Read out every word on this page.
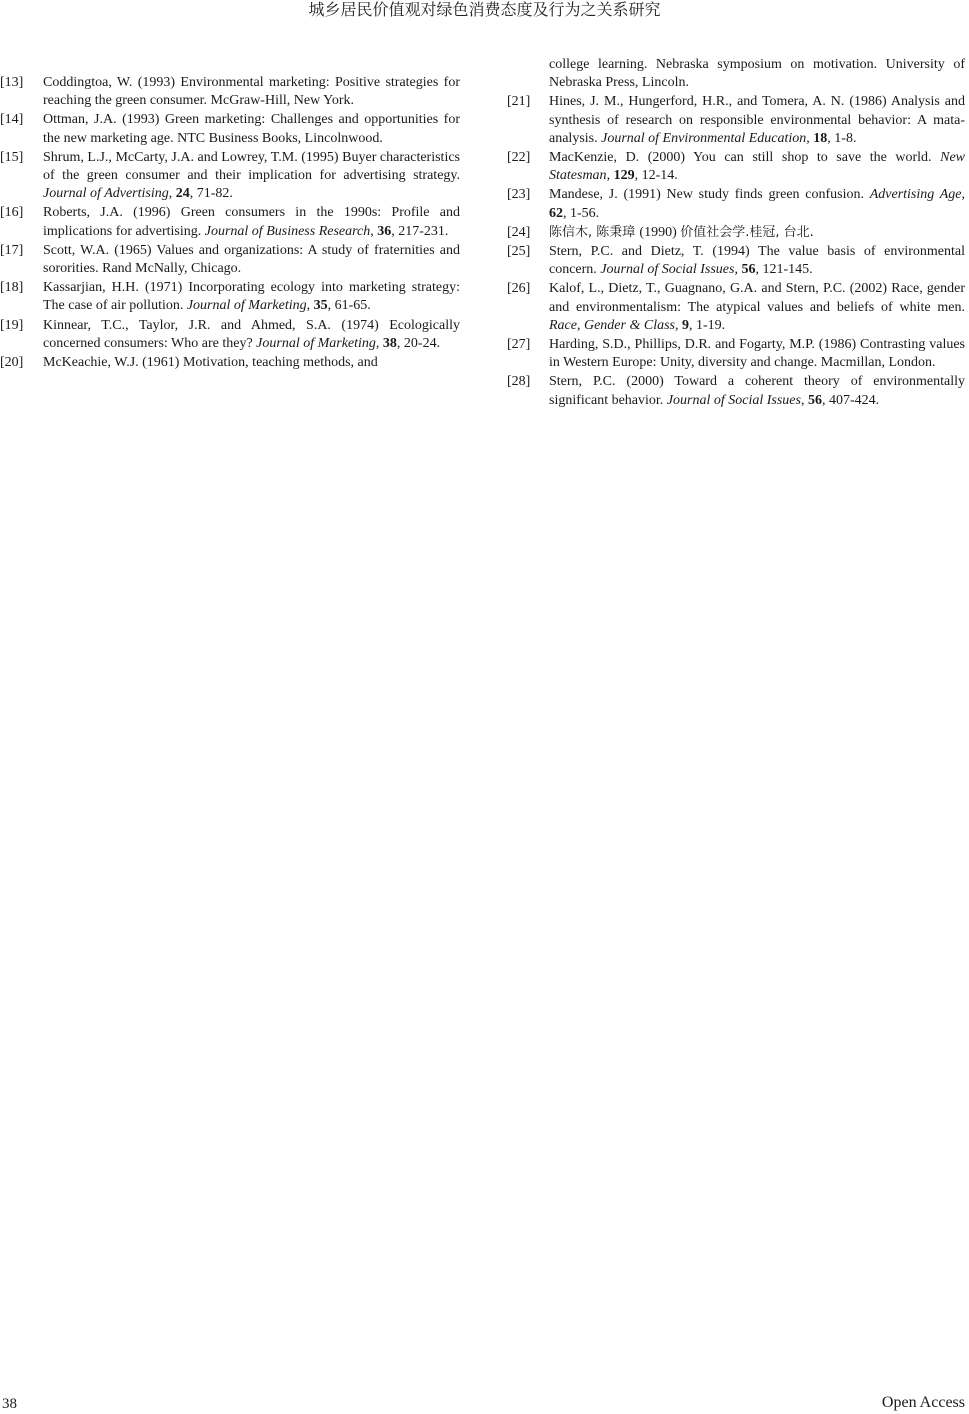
城乡居民价值观对绿色消费态度及行为之关系研究
[13]	Coddingtoa, W. (1993) Environmental marketing: Positive strategies for reaching the green consumer. McGraw-Hill, New York.
[14]	Ottman, J.A. (1993) Green marketing: Challenges and opportunities for the new marketing age. NTC Business Books, Lincolnwood.
[15]	Shrum, L.J., McCarty, J.A. and Lowrey, T.M. (1995) Buyer characteristics of the green consumer and their implication for advertising strategy. Journal of Advertising, 24, 71-82.
[16]	Roberts, J.A. (1996) Green consumers in the 1990s: Profile and implications for advertising. Journal of Business Research, 36, 217-231.
[17]	Scott, W.A. (1965) Values and organizations: A study of fraternities and sororities. Rand McNally, Chicago.
[18]	Kassarjian, H.H. (1971) Incorporating ecology into marketing strategy: The case of air pollution. Journal of Marketing, 35, 61-65.
[19]	Kinnear, T.C., Taylor, J.R. and Ahmed, S.A. (1974) Ecologically concerned consumers: Who are they? Journal of Marketing, 38, 20-24.
[20]	McKeachie, W.J. (1961) Motivation, teaching methods, and
college learning. Nebraska symposium on motivation. University of Nebraska Press, Lincoln.
[21]	Hines, J. M., Hungerford, H.R., and Tomera, A. N. (1986) Analysis and synthesis of research on responsible environmental behavior: A mata-analysis. Journal of Environmental Education, 18, 1-8.
[22]	MacKenzie, D. (2000) You can still shop to save the world. New Statesman, 129, 12-14.
[23]	Mandese, J. (1991) New study finds green confusion. Advertising Age, 62, 1-56.
[24]	陈信木, 陈秉璋 (1990) 价值社会学.桂冠, 台北.
[25]	Stern, P.C. and Dietz, T. (1994) The value basis of environmental concern. Journal of Social Issues, 56, 121-145.
[26]	Kalof, L., Dietz, T., Guagnano, G.A. and Stern, P.C. (2002) Race, gender and environmentalism: The atypical values and beliefs of white men. Race, Gender & Class, 9, 1-19.
[27]	Harding, S.D., Phillips, D.R. and Fogarty, M.P. (1986) Contrasting values in Western Europe: Unity, diversity and change. Macmillan, London.
[28]	Stern, P.C. (2000) Toward a coherent theory of environmentally significant behavior. Journal of Social Issues, 56, 407-424.
38	Open Access
